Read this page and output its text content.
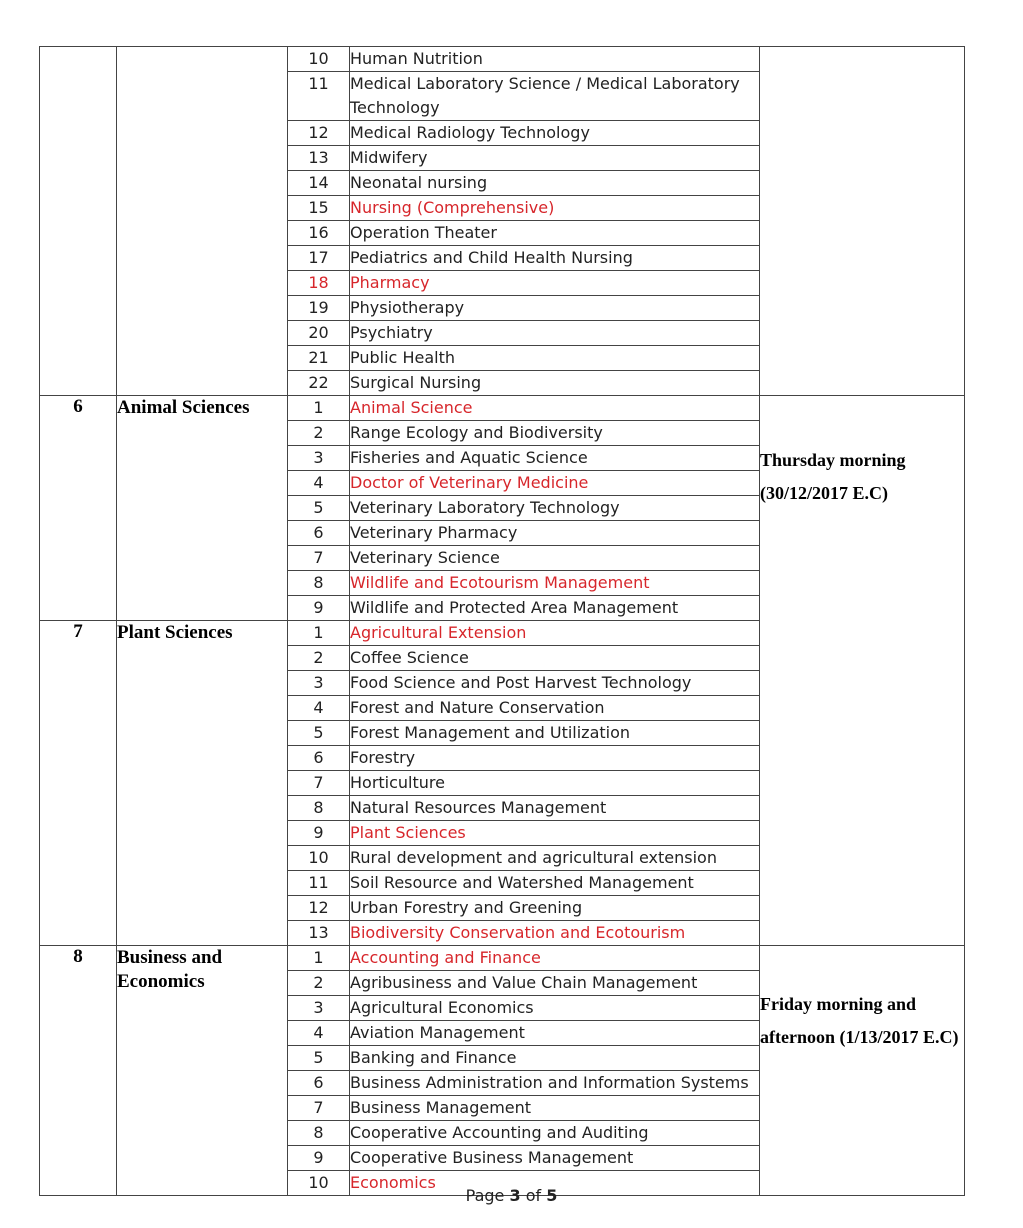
		10	Human Nutrition	
		11	Medical Laboratory Science / Medical Laboratory Technology	
		12	Medical Radiology Technology	
		13	Midwifery	
		14	Neonatal nursing	
		15	Nursing (Comprehensive)	
		16	Operation Theater	
		17	Pediatrics and Child Health Nursing	
		18	Pharmacy	
		19	Physiotherapy	
		20	Psychiatry	
		21	Public Health	
		22	Surgical Nursing	
6	Animal Sciences	1	Animal Science	Thursday morning (30/12/2017 E.C)
		2	Range Ecology and Biodiversity	
		3	Fisheries and Aquatic Science	
		4	Doctor of Veterinary Medicine	
		5	Veterinary Laboratory Technology	
		6	Veterinary Pharmacy	
		7	Veterinary Science	
		8	Wildlife and Ecotourism Management	
		9	Wildlife and Protected Area Management	
7	Plant Sciences	1	Agricultural Extension	
		2	Coffee Science	
		3	Food Science and Post Harvest Technology	
		4	Forest and Nature Conservation	
		5	Forest Management and Utilization	
		6	Forestry	
		7	Horticulture	
		8	Natural Resources Management	
		9	Plant Sciences	
		10	Rural development and agricultural extension	
		11	Soil Resource and Watershed Management	
		12	Urban Forestry and Greening	
		13	Biodiversity Conservation and Ecotourism	
8	Business and Economics	1	Accounting and Finance	Friday morning and afternoon (1/13/2017 E.C)
		2	Agribusiness and Value Chain Management	
		3	Agricultural Economics	
		4	Aviation Management	
		5	Banking and Finance	
		6	Business Administration and Information Systems	
		7	Business Management	
		8	Cooperative Accounting and Auditing	
		9	Cooperative Business Management	
		10	Economics	
Page 3 of 5
